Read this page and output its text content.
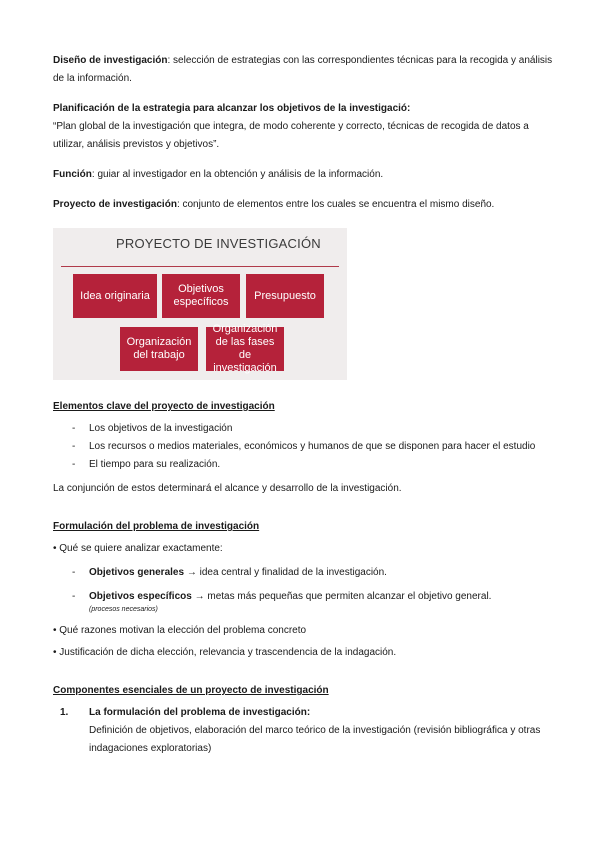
Diseño de investigación: selección de estrategias con las correspondientes técnicas para la recogida y análisis de la información.

Planificación de la estrategia para alcanzar los objetivos de la investigació:

“Plan global de la investigación que integra, de modo coherente y correcto, técnicas de recogida de datos a utilizar, análisis previstos y objetivos”.

Función: guiar al investigador en la obtención y análisis de la información.

Proyecto de investigación: conjunto de elementos entre los cuales se encuentra el mismo diseño.

PROYECTO DE INVESTIGACIÓN
Idea originaria
Objetivos específicos
Presupuesto
Organización del trabajo
Organización de las fases de investigación

Elementos clave del proyecto de investigación

- Los objetivos de la investigación
- Los recursos o medios materiales, económicos y humanos de que se disponen para hacer el estudio
- El tiempo para su realización.

La conjunción de estos determinará el alcance y desarrollo de la investigación.

Formulación del problema de investigación

• Qué se quiere analizar exactamente:

- Objetivos generales → idea central y finalidad de la investigación.
- Objetivos específicos → metas más pequeñas que permiten alcanzar el objetivo general.

(procesos necesarios)

• Qué razones motivan la elección del problema concreto

• Justificación de dicha elección, relevancia y trascendencia de la indagación.

Componentes esenciales de un proyecto de investigación

1. La formulación del problema de investigación:

Definición de objetivos, elaboración del marco teórico de la investigación (revisión bibliográfica y otras indagaciones exploratorias)
